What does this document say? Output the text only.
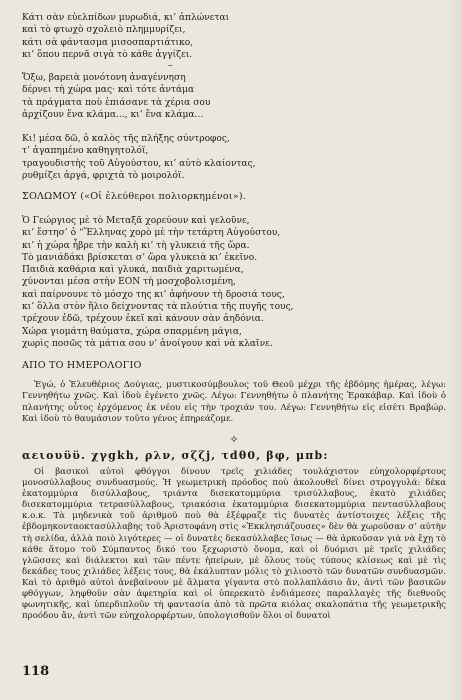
Κάτι σὰν εὐελπίδων μυρωδιά, κι’ ἀπλώνεται
καὶ τὸ φτωχὸ σχολειὸ πλημμυρίζει,
κάτι σὰ φάντασμα μισοσπαρτιάτικο,
κι’ ὅπου περνᾶ σιγὰ τὸ κάθε ἀγγίζει.
–
Ὄξω, βαρειὰ μονότονη ἀναγέννηση
δέρνει τὴ χώρα μας· καὶ τότε ἀντάμα
τὰ πράγματα ποὺ ἐπιάσανε τὰ χέρια σου
ἀρχίζουν ἕνα κλάμα..., κι’ ἕνα κλάμα...
Κι! μέσα δῶ, ὁ καλὸς τῆς πλήξης σύντροφος,
τ’ ἀγαπημένο καθηγητολόϊ,
τραγουδιστὴς τοῦ Αὐγούστου, κι’ αὐτὸ κλαίοντας,
ρυθμίζει ἀργά, φριχτὰ τὸ μοιρολόϊ.
ΣΟΛΩΜΟΥ («Οἱ ἐλεύθεροι πολιορκημένοι»).
Ὁ Γεώργιος μὲ τὸ Μεταξᾶ χορεύουν καὶ γελοῦνε,
κι’ ἔστησ’ ὁ “Ἕλληνας χορὸ μὲ τὴν τετάρτη Αὐγούστου,
κι’ ἡ χώρα ἦβρε τὴν καλὴ κι’ τὴ γλυκειά τῆς ὥρα.
Τὸ μανιάδάκι βρίσκεται σ’ ὥρα γλυκειὰ κι’ ἐκεῖνο.
Παιδιὰ καθάρια καὶ γλυκά, παιδιὰ χαριτωμένα,
χύνονται μέσα στὴν ΕΟΝ τὴ μοσχοβολισμένη,
καὶ παίρνουνε τὸ μόσχο της κι’ ἀφήνουν τὴ δροσιά τους,
κι’ ὅλλα στὸν ἥλιο δείχνοντας τὰ πλούτια τῆς πυγῆς τους,
τρέχουν ἐδῶ, τρέχουν ἐκεῖ καὶ κάνουν σὰν ἀηδόνια.
Χώρα γιομάτη θαύματα, χώρα σπαρμένη μάγια,
χωρὶς ποσῶς τὰ μάτια σου ν’ ἀνοίγουν καὶ νὰ κλαῖνε.
ΑΠΟ ΤΟ ΗΜΕΡΟΛΟΓΙΟ
Ἐγώ, ὁ Ἐλευθέριος Δούγιας, μυστικοσύμβουλος τοῦ Θεοῦ μέχρι τῆς ἑβδόμης ἡμέρας, λέγω: Γεννηθήτω χνῶς. Καὶ ἰδοὺ ἐγένετο χνῶς. Λέγω: Γεννηθήτω ὁ πλανήτης Ἐρακάβαρ. Καὶ ἰδοὺ ὁ πλανήτης οὗτος ἐρχόμενος ἐκ νέου εἰς τὴν τροχιάν του. Λέγω: Γεννηθήτω εἰς εἰσέτι Βραβώρ. Καὶ ἰδοὺ τὸ θαυμάσιον τοῦτο γένος ἐπηρεάζομε.
✧
αειουϋϋ. χγgkh, ρλν, σζζj, τdθ0, βφ, μπb:
Οἱ βασικοὶ αὐτοὶ φθόγγοι δίνουν τρεῖς χιλιάδες τουλάχιστον εὐηχολορφέρτους μονοσύλλαβους συνδυασμούς. Ἡ γεωμετρικὴ πρόοδος ποὺ ἀκολουθεῖ δίνει στρογγυλά: δέκα ἑκατομμύρια δισύλλαβους, τριάντα δισεκατομμύρια τρισύλλαβους, ἑκατὸ χιλιάδες δισεκατομμύρια τετρασύλλαβους, τριακόσια ἑκατομμύρια δισεκατομμύρια πεντασύλλαβους κ.ο.κ. Τὰ μηδενικὰ τοῦ ἀριθμοῦ ποὺ θὰ ἐξέφραζε τὶς δυνατὲς ἀντίστοιχες λέξεις τῆς ἑβδομηκονταοκτασύλλαβης τοῦ Ἀριστοφάνη στὶς «Ἐκκλησιάζουσες» δὲν θὰ χωροῦσαν σ’ αὐτὴν τὴ σελίδα, ἀλλὰ ποιὸ λιγότερες — οἱ δυνατὲς δεκασύλλαβες ἴσως — θὰ ἀρκοῦσαν γιὰ νὰ ἔχῃ τὸ κάθε ἄτομο τοῦ Σύμπαντος δικό του ξεχωριστὸ ὄνομα, καὶ οἱ δυόμισι μὲ τρεῖς χιλιάδες γλῶσσες καὶ διάλεκτοι καὶ τῶν πέντε ἠπείρων, μὲ ὅλους τοὺς τύπους κλίσεως καὶ μὲ τὶς δεκάδες τους χιλιάδες λέξεις τους, θὰ ἐκάλυπταν μόλις τὸ χιλιοστὸ τῶν δυνατῶν συνδυασμῶν. Καὶ τὸ ἀριθμὸ αὐτοὶ ἀνεβαίνουν μὲ ἅλματα γίγαντα στὸ πολλαπλάσιο ἄν, ἀντὶ τῶν βασικῶν φθόγγων, ληφθοῦν σὰν ἀφετηρία καὶ οἱ ὑπερεκατὸ ἐνδιάμεσες παραλλαγὲς τῆς διεθνοῦς φωνητικῆς, καὶ ὑπερδιπλοῦν τὴ φαντασία ἀπὸ τὰ πρῶτα κιόλας σκαλοπάτια τῆς γεωμετρικῆς προόδου ἄν, ἀντὶ τῶν εὐηχολορφέρτων, ὑπολογισθοῦν ὅλοι οἱ δυνατοὶ
118
